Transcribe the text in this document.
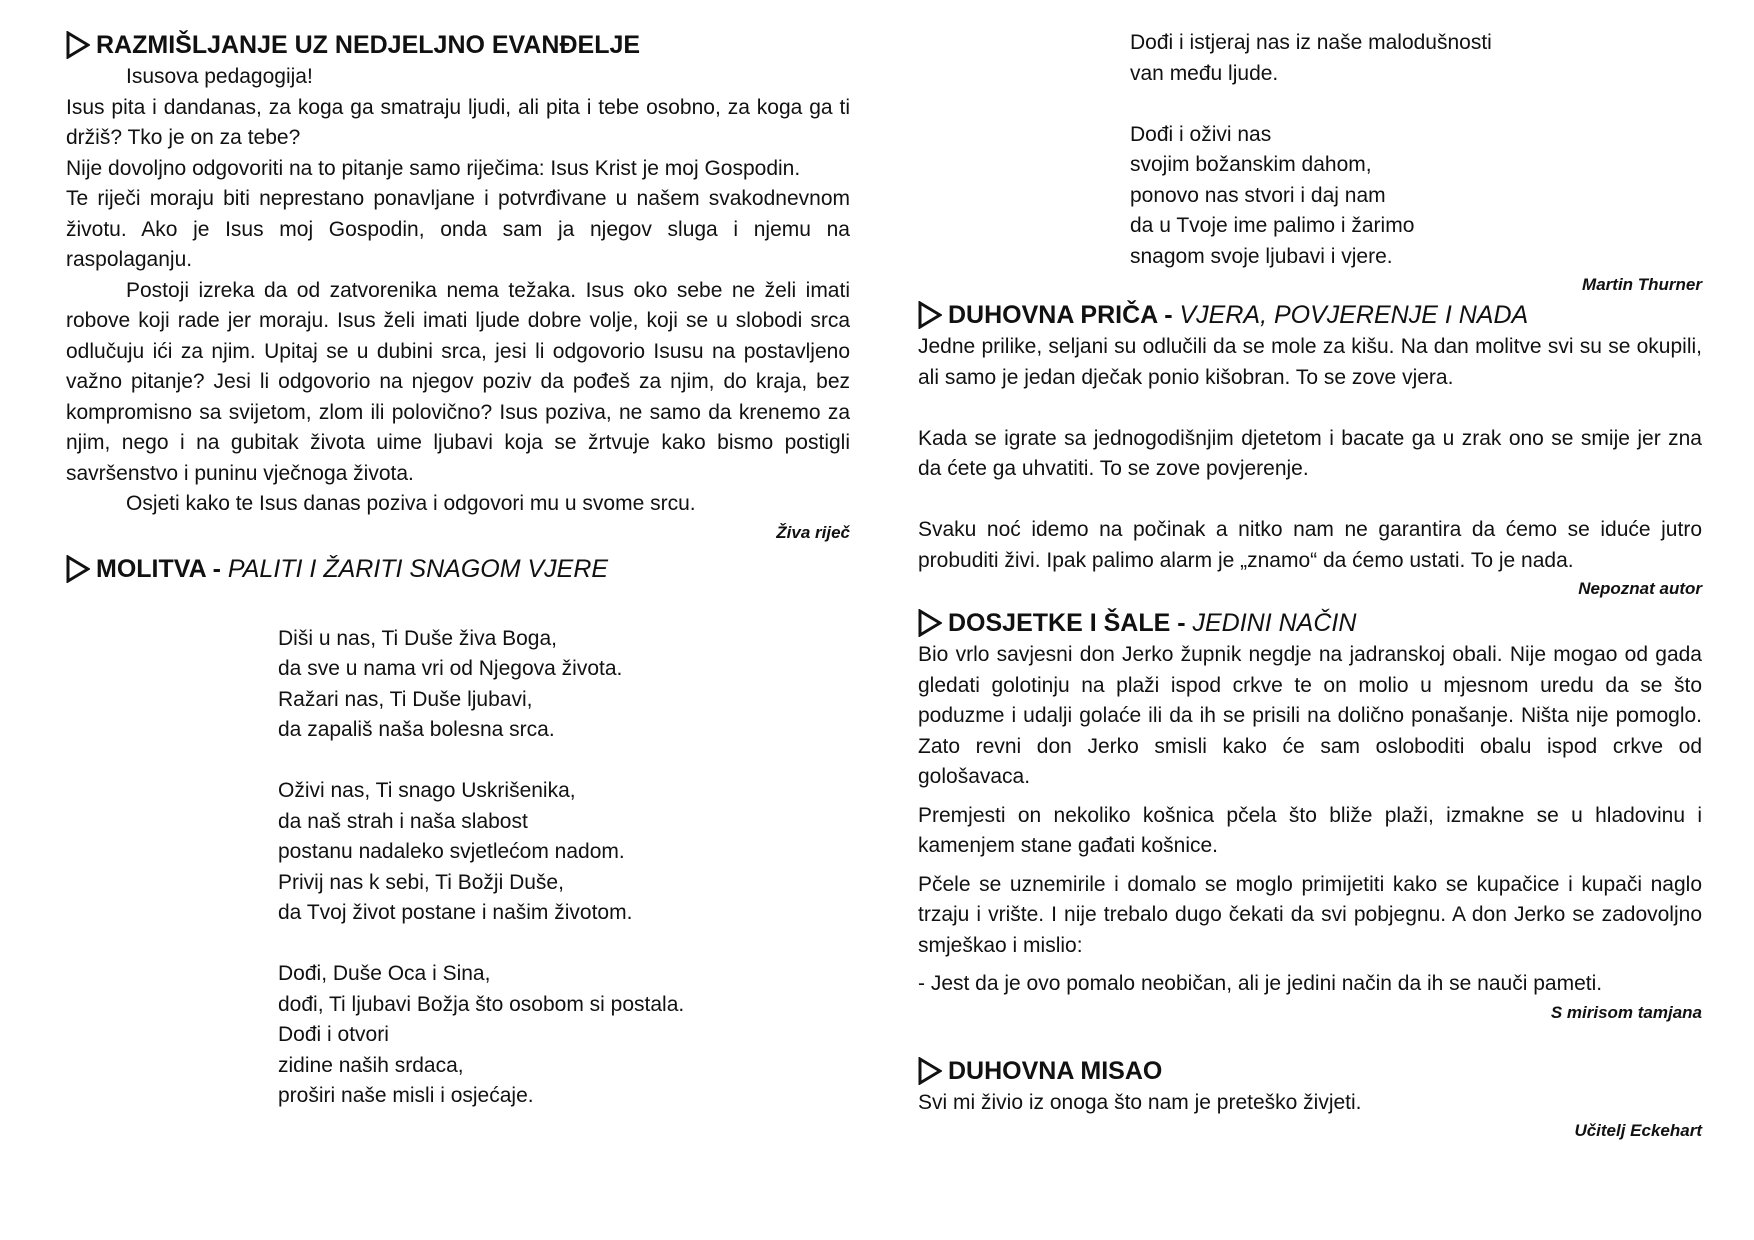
RAZMIŠLJANJE UZ NEDJELJNO EVANĐELJE

Isusova pedagogija!

Isus pita i dandanas, za koga ga smatraju ljudi, ali pita i tebe osobno, za koga ga ti držiš? Tko je on za tebe?

Nije dovoljno odgovoriti na to pitanje samo riječima: Isus Krist je moj Gospodin.

Te riječi moraju biti neprestano ponavljane i potvrđivane u našem svakodnevnom životu. Ako je Isus moj Gospodin, onda sam ja njegov sluga i njemu na raspolaganju.

Postoji izreka da od zatvorenika nema težaka. Isus oko sebe ne želi imati robove koji rade jer moraju. Isus želi imati ljude dobre volje, koji se u slobodi srca odlučuju ići za njim. Upitaj se u dubini srca, jesi li odgovorio Isusu na postavljeno važno pitanje? Jesi li odgovorio na njegov poziv da pođeš za njim, do kraja, bez kompromisno sa svijetom, zlom ili polovično? Isus poziva, ne samo da krenemo za njim, nego i na gubitak života uime ljubavi koja se žrtvuje kako bismo postigli savršenstvo i puninu vječnoga života.

Osjeti kako te Isus danas poziva i odgovori mu u svome srcu.

Živa riječ

MOLITVA - PALITI I ŽARITI SNAGOM VJERE
Diši u nas, Ti Duše živa Boga,
da sve u nama vri od Njegova života.
Ražari nas, Ti Duše ljubavi,
da zapališ naša bolesna srca.
Oživi nas, Ti snago Uskrišenika,
da naš strah i naša slabost
postanu nadaleko svjetlećom nadom.
Privij nas k sebi, Ti Božji Duše,
da Tvoj život postane i našim životom.
Dođi, Duše Oca i Sina,
dođi, Ti ljubavi Božja što osobom si postala.
Dođi i otvori
zidine naših srdaca,
proširi naše misli i osjećaje.
Dođi i istjeraj nas iz naše malodušnosti
van među ljude.
Dođi i oživi nas
svojim božanskim dahom,
ponovo nas stvori i daj nam
da u Tvoje ime palimo i žarimo
snagom svoje ljubavi i vjere.

Martin Thurner

DUHOVNA PRIČA - VJERA, POVJERENJE I NADA

Jedne prilike, seljani su odlučili da se mole za kišu. Na dan molitve svi su se okupili, ali samo je jedan dječak ponio kišobran. To se zove vjera.

Kada se igrate sa jednogodišnjim djetetom i bacate ga u zrak ono se smije jer zna da ćete ga uhvatiti. To se zove povjerenje.

Svaku noć idemo na počinak a nitko nam ne garantira da ćemo se iduće jutro probuditi živi. Ipak palimo alarm je „znamo“ da ćemo ustati. To je nada.

Nepoznat autor

DOSJETKE I ŠALE - JEDINI NAČIN

Bio vrlo savjesni don Jerko župnik negdje na jadranskoj obali. Nije mogao od gada gledati golotinju na plaži ispod crkve te on molio u mjesnom uredu da se što poduzme i udalji golaće ili da ih se prisili na dolično ponašanje. Ništa nije pomoglo. Zato revni don Jerko smisli kako će sam osloboditi obalu ispod crkve od gološavaca.

Premjesti on nekoliko košnica pčela što bliže plaži, izmakne se u hladovinu i kamenjem stane gađati košnice.

Pčele se uznemirile i domalo se moglo primijetiti kako se kupačice i kupači naglo trzaju i vrište. I nije trebalo dugo čekati da svi pobjegnu. A don Jerko se zadovoljno smješkao i mislio:

- Jest da je ovo pomalo neobičan, ali je jedini način da ih se nauči pameti.

S mirisom tamjana

DUHOVNA MISAO

Svi mi živio iz onoga što nam je preteško živjeti.

Učitelj Eckehart
